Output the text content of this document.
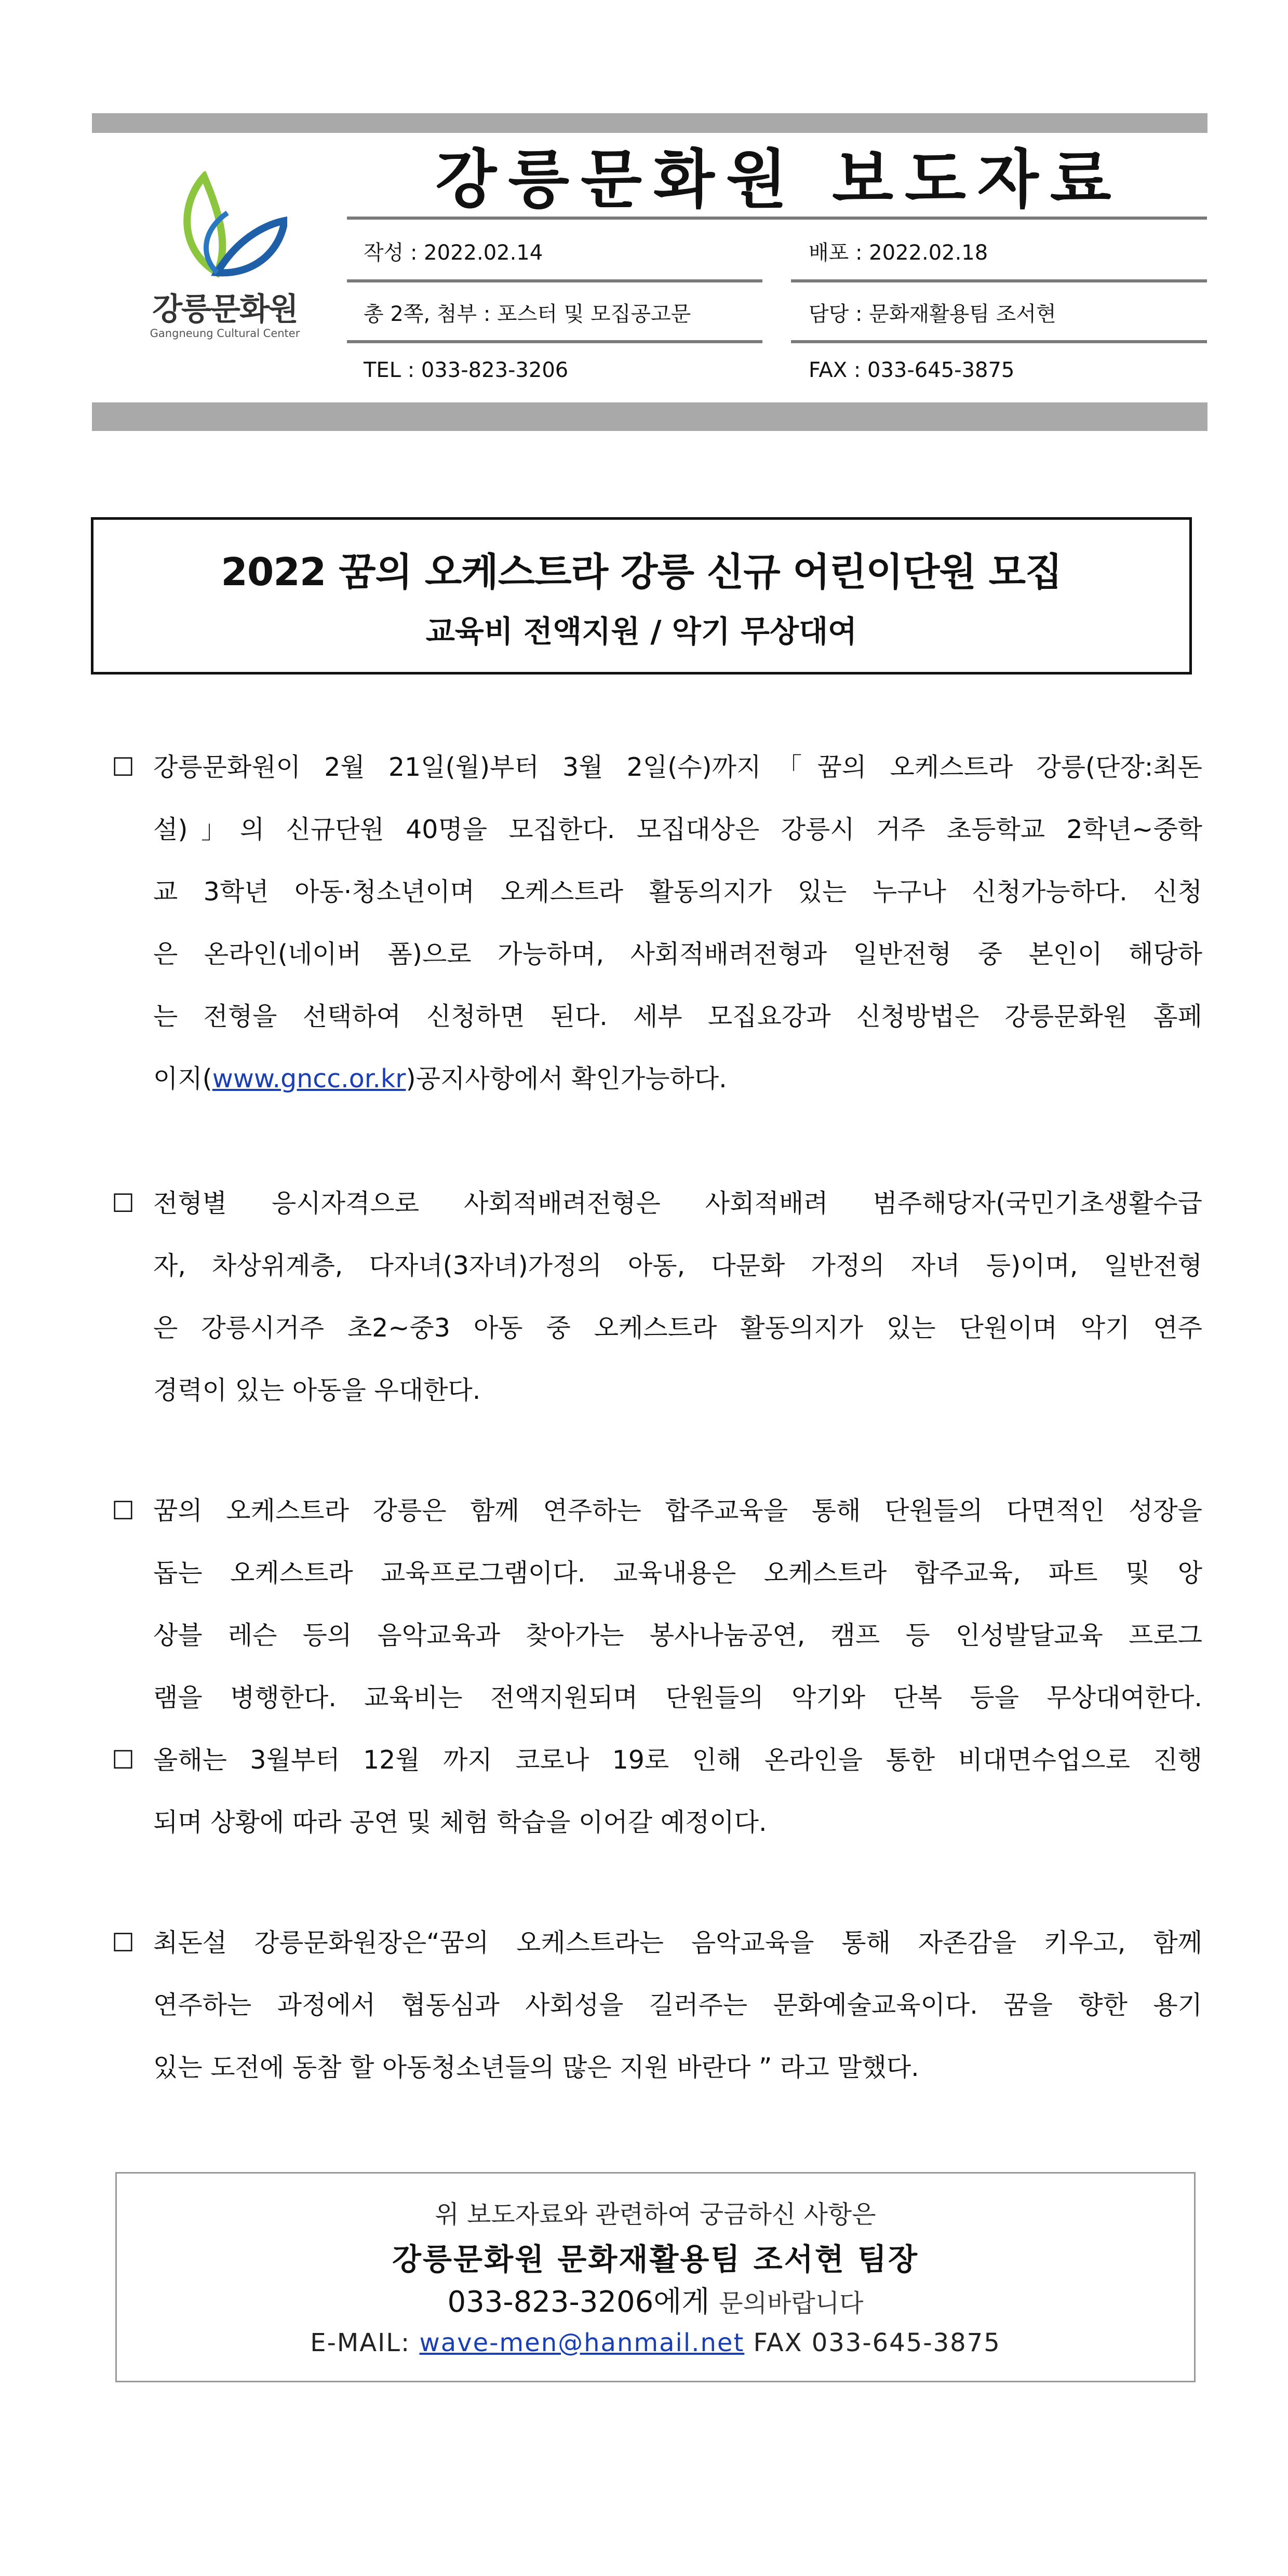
강릉문화원
Gangneung Cultural Center
강릉문화원 보도자료
작성 : 2022.02.14	배포 : 2022.02.18
총 2쪽, 첨부 : 포스터 및 모집공고문	담당 : 문화재활용팀 조서현
TEL : 033-823-3206	FAX : 033-645-3875
2022 꿈의 오케스트라 강릉 신규 어린이단원 모집
교육비 전액지원 / 악기 무상대여
☐ 강릉문화원이 2월 21일(월)부터 3월 2일(수)까지「꿈의 오케스트라 강릉(단장:최돈
설)」의 신규단원 40명을 모집한다. 모집대상은 강릉시 거주 초등학교 2학년~중학
교 3학년 아동·청소년이며 오케스트라 활동의지가 있는 누구나 신청가능하다. 신청
은 온라인(네이버 폼)으로 가능하며, 사회적배려전형과 일반전형 중 본인이 해당하
는 전형을 선택하여 신청하면 된다. 세부 모집요강과 신청방법은 강릉문화원 홈페
이지(www.gncc.or.kr)공지사항에서 확인가능하다.
☐ 전형별 응시자격으로 사회적배려전형은 사회적배려 범주해당자(국민기초생활수급
자, 차상위계층, 다자녀(3자녀)가정의 아동, 다문화 가정의 자녀 등)이며, 일반전형
은 강릉시거주 초2~중3 아동 중 오케스트라 활동의지가 있는 단원이며 악기 연주
경력이 있는 아동을 우대한다.
☐ 꿈의 오케스트라 강릉은 함께 연주하는 합주교육을 통해 단원들의 다면적인 성장을
돕는 오케스트라 교육프로그램이다. 교육내용은 오케스트라 합주교육, 파트 및 앙
상블 레슨 등의 음악교육과 찾아가는 봉사나눔공연, 캠프 등 인성발달교육 프로그
램을 병행한다. 교육비는 전액지원되며 단원들의 악기와 단복 등을 무상대여한다.
☐ 올해는 3월부터 12월 까지 코로나 19로 인해 온라인을 통한 비대면수업으로 진행
되며 상황에 따라 공연 및 체험 학습을 이어갈 예정이다.
☐ 최돈설 강릉문화원장은“꿈의 오케스트라는 음악교육을 통해 자존감을 키우고, 함께
연주하는 과정에서 협동심과 사회성을 길러주는 문화예술교육이다. 꿈을 향한 용기
있는 도전에 동참 할 아동청소년들의 많은 지원 바란다 ” 라고 말했다.
위 보도자료와 관련하여 궁금하신 사항은
강릉문화원 문화재활용팀 조서현 팀장
033-823-3206에게 문의바랍니다
E-MAIL: wave-men@hanmail.net FAX 033-645-3875
